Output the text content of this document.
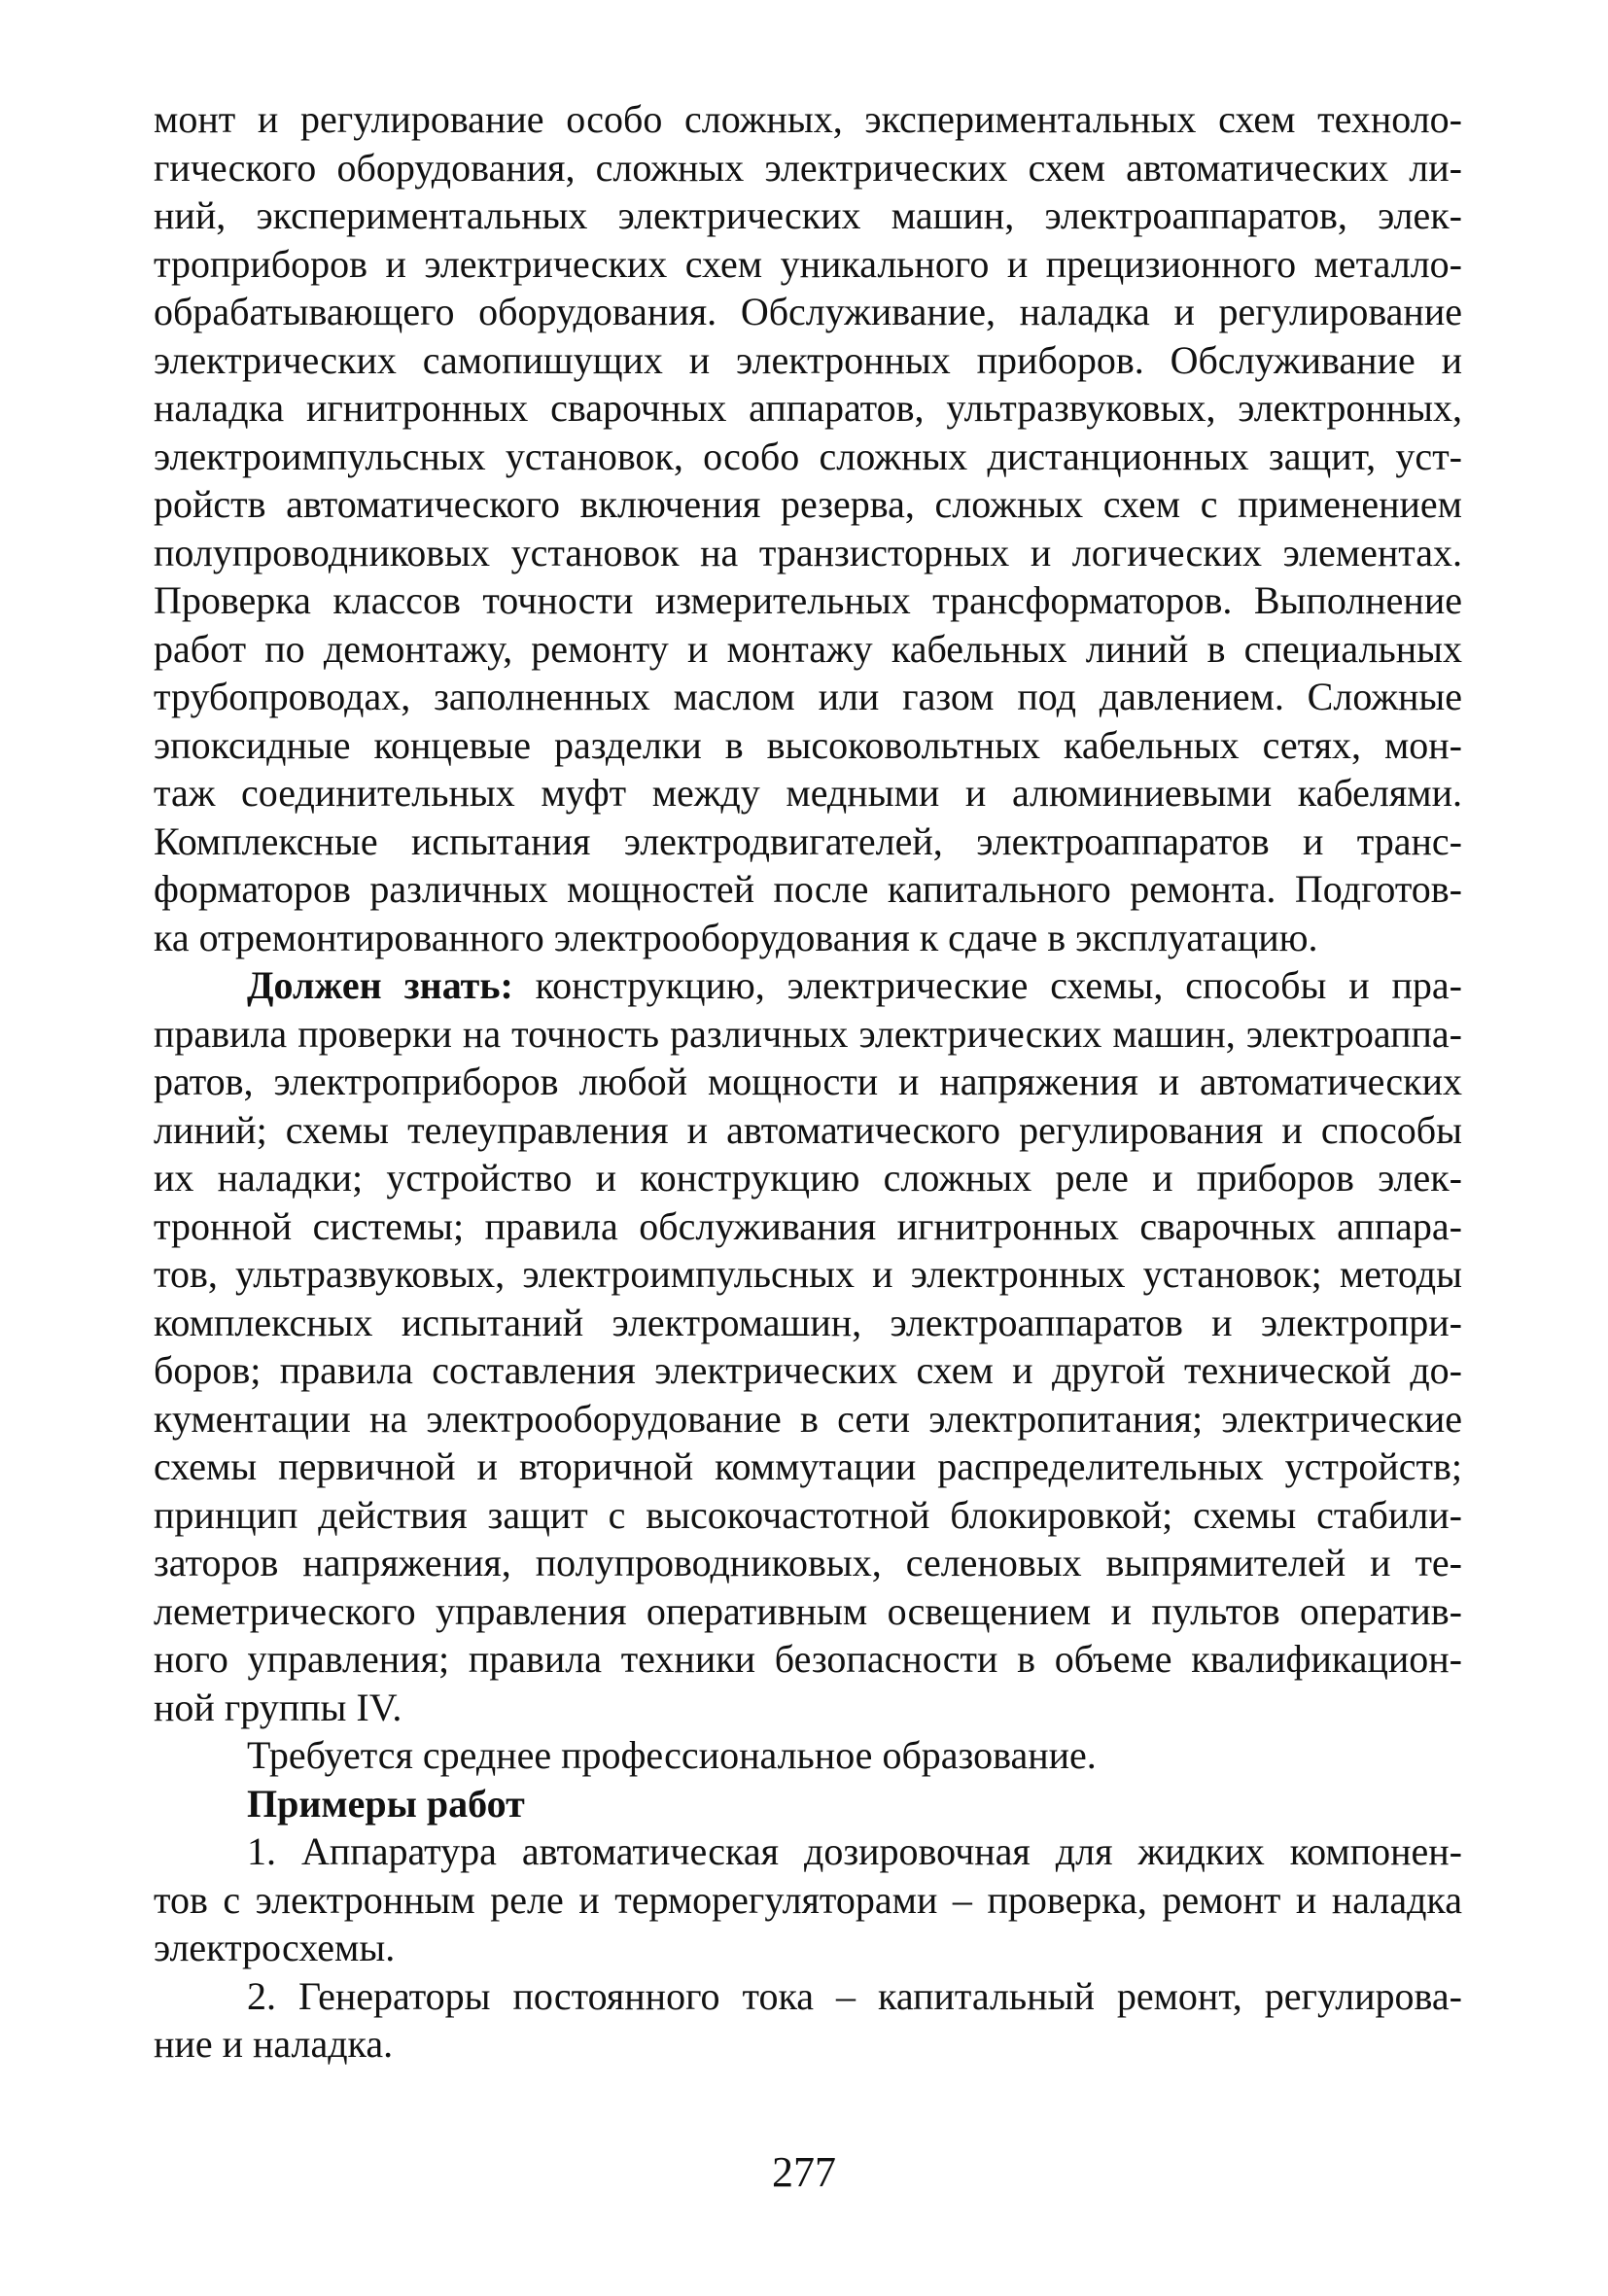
монт и регулирование особо сложных, экспериментальных схем техноло-
гического оборудования, сложных электрических схем автоматических ли-
ний, экспериментальных электрических машин, электроаппаратов, элек-
троприборов и электрических схем уникального и прецизионного металло-
обрабатывающего оборудования. Обслуживание, наладка и регулирование
электрических самопишущих и электронных приборов. Обслуживание и
наладка игнитронных сварочных аппаратов, ультразвуковых, электронных,
электроимпульсных установок, особо сложных дистанционных защит, уст-
ройств автоматического включения резерва, сложных схем с применением
полупроводниковых установок на транзисторных и логических элементах.
Проверка классов точности измерительных трансформаторов. Выполнение
работ по демонтажу, ремонту и монтажу кабельных линий в специальных
трубопроводах, заполненных маслом или газом под давлением. Сложные
эпоксидные концевые разделки в высоковольтных кабельных сетях, мон-
таж соединительных муфт между медными и алюминиевыми кабелями.
Комплексные испытания электродвигателей, электроаппаратов и транс-
форматоров различных мощностей после капитального ремонта. Подготов-
ка отремонтированного электрооборудования к сдаче в эксплуатацию.
Должен знать: конструкцию, электрические схемы, способы и пра-
правила проверки на точность различных электрических машин, электроаппа-
ратов, электроприборов любой мощности и напряжения и автоматических
линий; схемы телеуправления и автоматического регулирования и способы
их наладки; устройство и конструкцию сложных реле и приборов элек-
тронной системы; правила обслуживания игнитронных сварочных аппара-
тов, ультразвуковых, электроимпульсных и электронных установок; методы
комплексных испытаний электромашин, электроаппаратов и электропри-
боров; правила составления электрических схем и другой технической до-
кументации на электрооборудование в сети электропитания; электрические
схемы первичной и вторичной коммутации распределительных устройств;
принцип действия защит с высокочастотной блокировкой; схемы стабили-
заторов напряжения, полупроводниковых, селеновых выпрямителей и те-
леметрического управления оперативным освещением и пультов оператив-
ного управления; правила техники безопасности в объеме квалификацион-
ной группы IV.
Требуется среднее профессиональное образование.
Примеры работ
1. Аппаратура автоматическая дозировочная для жидких компонен-
тов с электронным реле и терморегуляторами – проверка, ремонт и наладка
электросхемы.
2. Генераторы постоянного тока – капитальный ремонт, регулирова-
ние и наладка.
277
